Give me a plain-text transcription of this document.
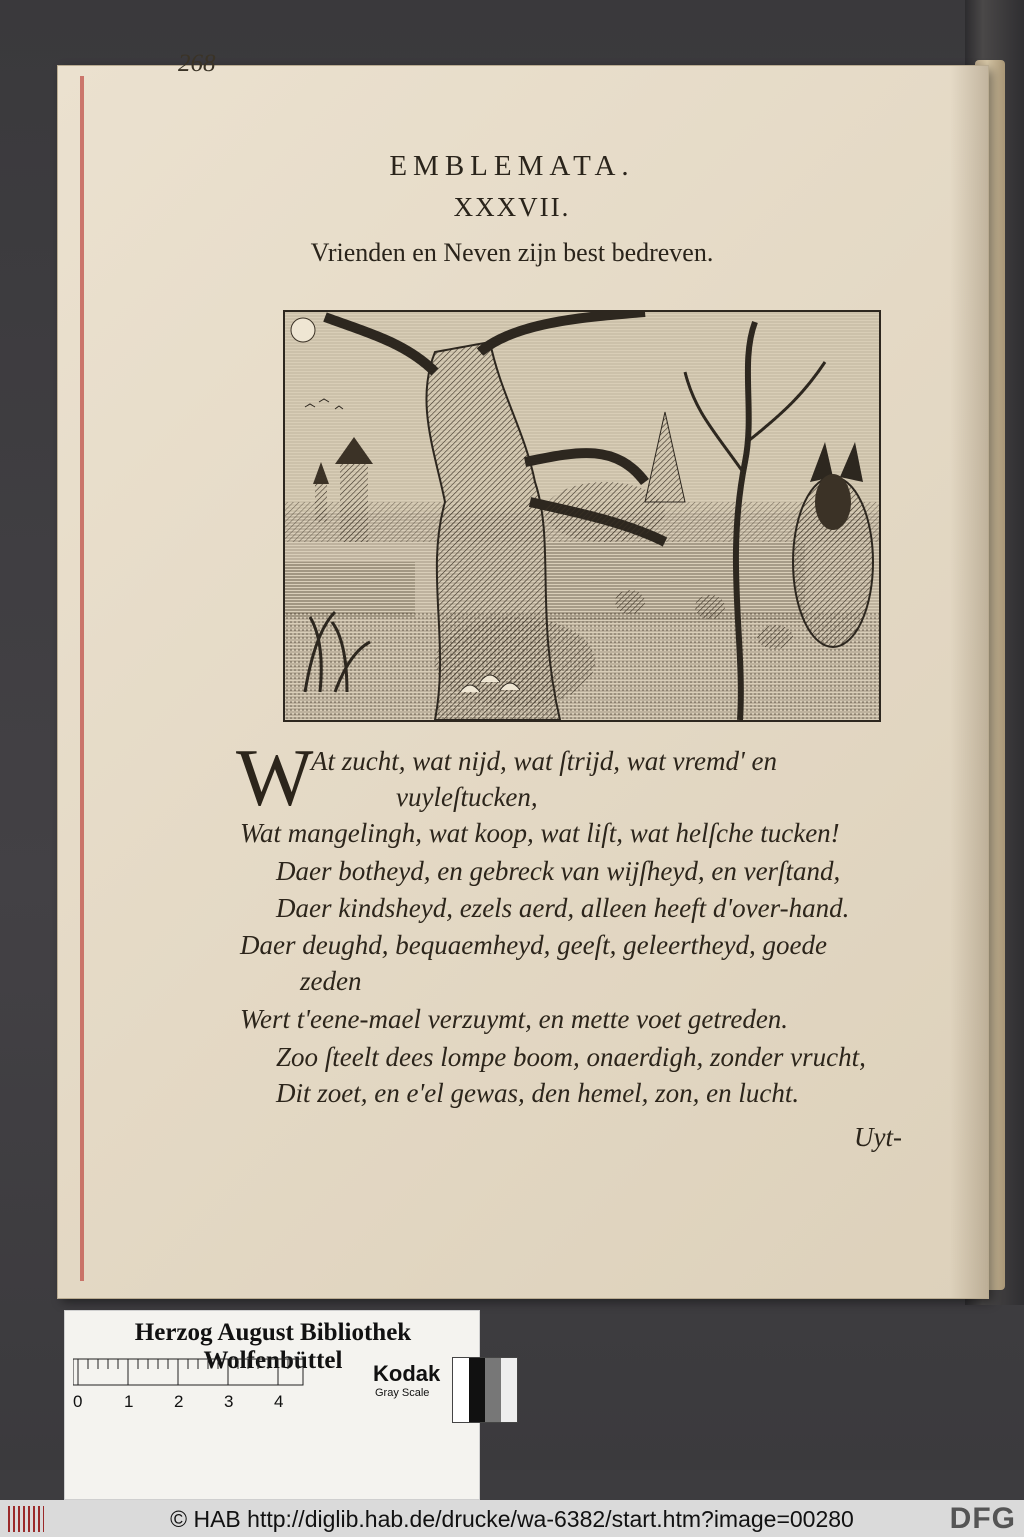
268
EMBLEMATA.
XXXVII.
Vrienden en Neven zijn best bedreven.
W
At zucht, wat nijd, wat ſtrijd, wat vremd' en
vuyleſtucken,
Wat mangelingh, wat koop, wat liſt, wat helſche tucken!
Daer botheyd, en gebreck van wijſheyd, en verſtand,
Daer kindsheyd, ezels aerd, alleen heeft d'over-hand.
Daer deughd, bequaemheyd, geeſt, geleertheyd, goede
zeden
Wert t'eene-mael verzuymt, en mette voet getreden.
Zoo ſteelt dees lompe boom, onaerdigh, zonder vrucht,
Dit zoet, en e'el gewas, den hemel, zon, en lucht.
Uyt-
Herzog August Bibliothek Wolfenbüttel
0 1 2 3 4
Kodak
Gray Scale
© HAB http://diglib.hab.de/drucke/wa-6382/start.htm?image=00280	DFG
